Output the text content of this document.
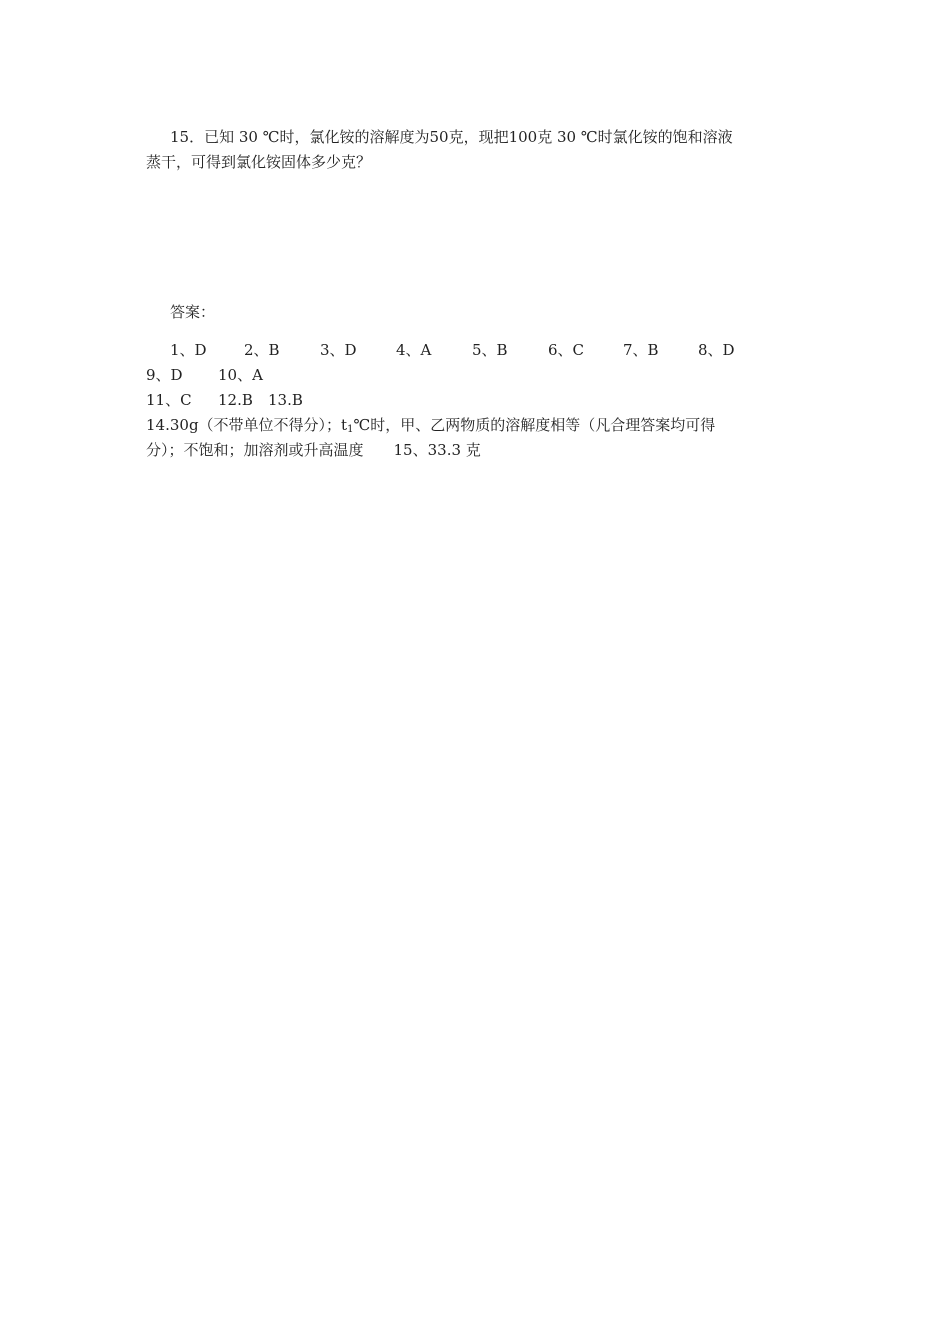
15．已知 30 ℃时，氯化铵的溶解度为50克，现把100克 30 ℃时氯化铵的饱和溶液
蒸干，可得到氯化铵固体多少克？
答案：
1、D 2、B	3、D	4、A	5、B	6、C	7、B	8、D
9、D 10、A
11、C 12.B 13.B
14.30g（不带单位不得分）；$t_1℃$时，甲、乙两物质的溶解度相等（凡合理答案均可得
分）；不饱和；加溶剂或升高温度 15、33.3 克
